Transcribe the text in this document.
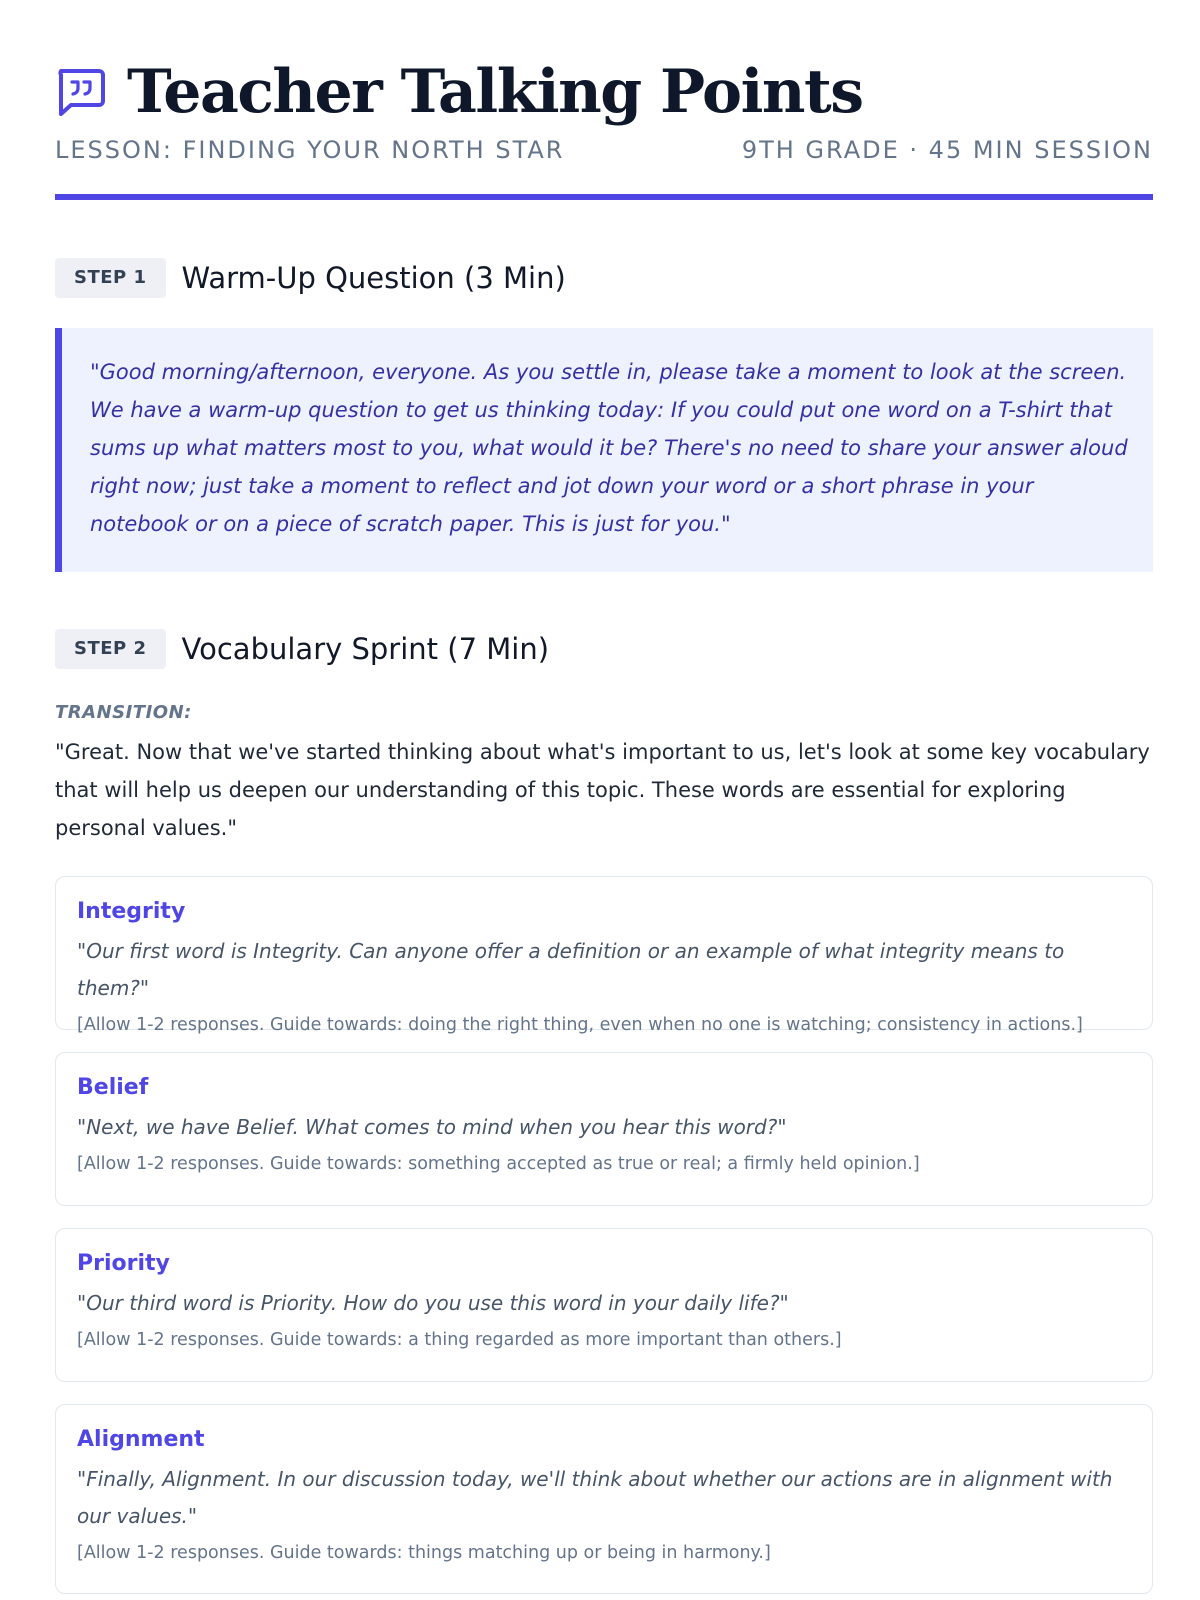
Teacher Talking Points
LESSON: FINDING YOUR NORTH STAR	9TH GRADE · 45 MIN SESSION
STEP 1	Warm-Up Question (3 Min)

"Good morning/afternoon, everyone. As you settle in, please take a moment to look at the screen. We have a warm-up question to get us thinking today: If you could put one word on a T-shirt that sums up what matters most to you, what would it be? There's no need to share your answer aloud right now; just take a moment to reflect and jot down your word or a short phrase in your notebook or on a piece of scratch paper. This is just for you."

STEP 2	Vocabulary Sprint (7 Min)
TRANSITION:

"Great. Now that we've started thinking about what's important to us, let's look at some key vocabulary that will help us deepen our understanding of this topic. These words are essential for exploring personal values."

Integrity

"Our first word is Integrity. Can anyone offer a definition or an example of what integrity means to them?"

[Allow 1-2 responses. Guide towards: doing the right thing, even when no one is watching; consistency in actions.]

Belief

"Next, we have Belief. What comes to mind when you hear this word?"

[Allow 1-2 responses. Guide towards: something accepted as true or real; a firmly held opinion.]

Priority

"Our third word is Priority. How do you use this word in your daily life?"

[Allow 1-2 responses. Guide towards: a thing regarded as more important than others.]

Alignment

"Finally, Alignment. In our discussion today, we'll think about whether our actions are in alignment with our values."

[Allow 1-2 responses. Guide towards: things matching up or being in harmony.]
